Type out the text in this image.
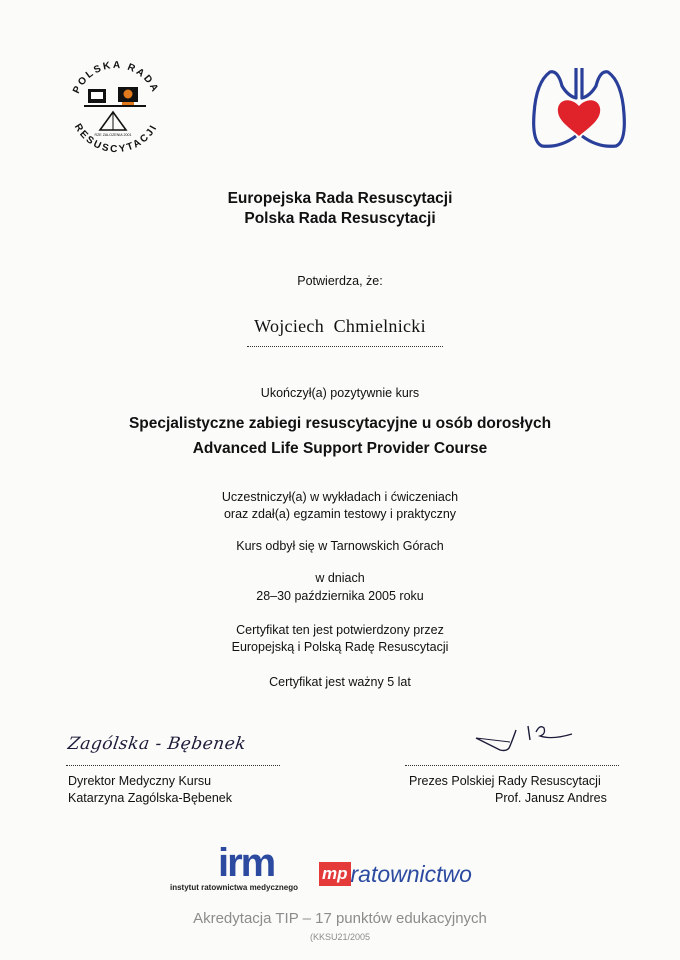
POLSKA RADA
RESUSCYTACJI
RZE ZALOZENIA 2001
Europejska Rada Resuscytacji
Polska Rada Resuscytacji
Potwierdza, że:
Wojciech  Chmielnicki
Ukończył(a) pozytywnie kurs
Specjalistyczne zabiegi resuscytacyjne u osób dorosłych
Advanced Life Support Provider Course
Uczestniczył(a) w wykładach i ćwiczeniach
oraz zdał(a) egzamin testowy i praktyczny
Kurs odbył się w Tarnowskich Górach
w dniach
28–30 października 2005 roku
Certyfikat ten jest potwierdzony przez
Europejską i Polską Radę Resuscytacji
Certyfikat jest ważny 5 lat
Zagólska - Bębenek
Dyrektor Medyczny Kursu
Katarzyna Zagólska-Bębenek
Prezes Polskiej Rady Resuscytacji
Prof. Janusz Andres
irm
instytut ratownictwa medycznego
mp ratownictwo
Akredytacja TIP – 17 punktów edukacyjnych
(KKSU21/2005
